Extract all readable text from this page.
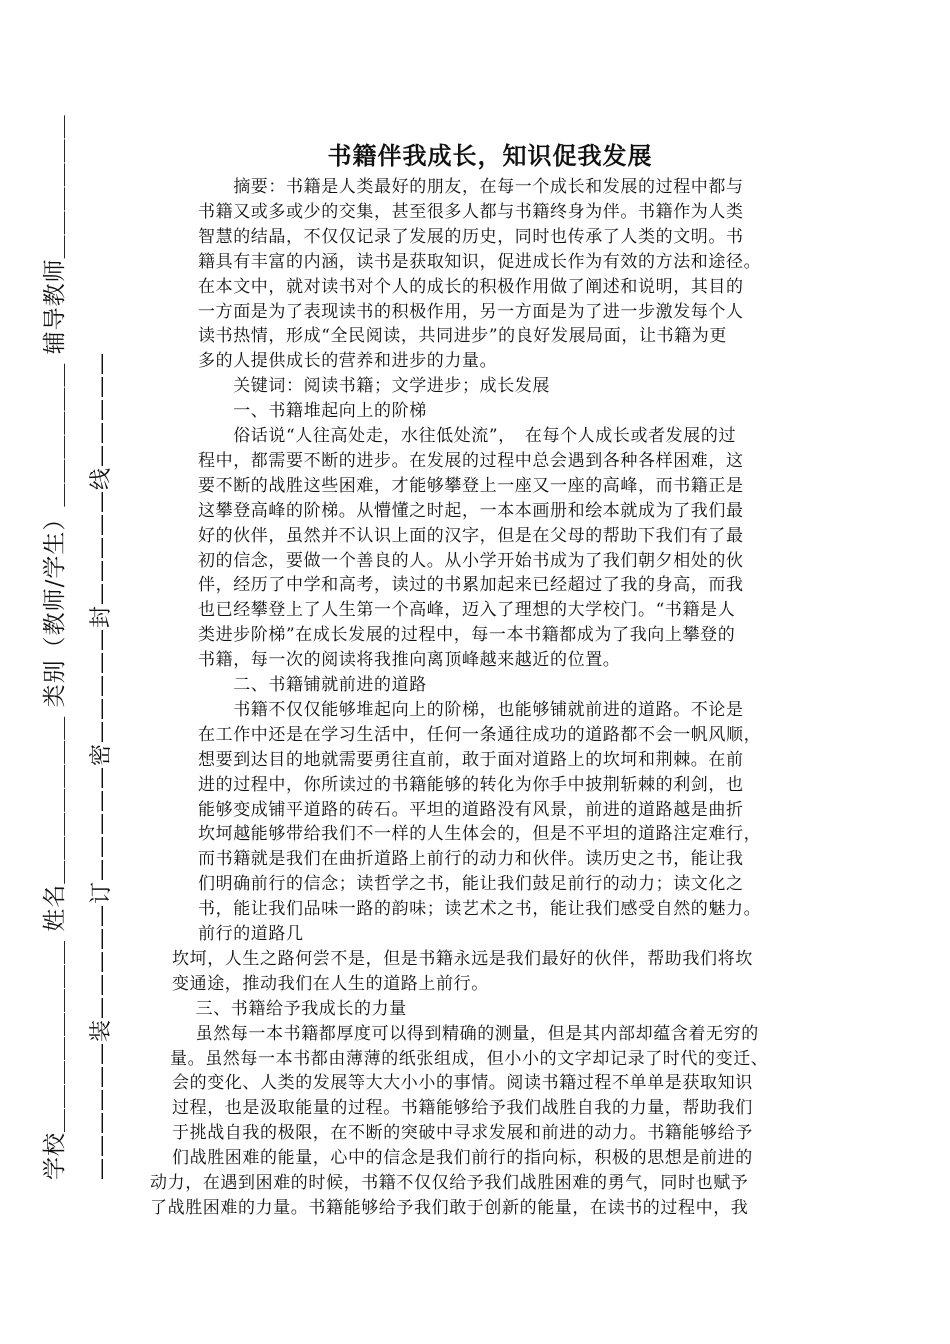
书籍伴我成长，知识促我发展
　　摘要：书籍是人类最好的朋友，在每一个成长和发展的过程中都与
书籍又或多或少的交集，甚至很多人都与书籍终身为伴。书籍作为人类
智慧的结晶，不仅仅记录了发展的历史，同时也传承了人类的文明。书
籍具有丰富的内涵，读书是获取知识，促进成长作为有效的方法和途径。
在本文中，就对读书对个人的成长的积极作用做了阐述和说明，其目的
一方面是为了表现读书的积极作用，另一方面是为了进一步激发每个人
读书热情，形成“全民阅读，共同进步”的良好发展局面，让书籍为更
多的人提供成长的营养和进步的力量。
　　关键词：阅读书籍；文学进步；成长发展
　　一、书籍堆起向上的阶梯
　　俗话说“人往高处走，水往低处流”，　在每个人成长或者发展的过
程中，都需要不断的进步。在发展的过程中总会遇到各种各样困难，这
要不断的战胜这些困难，才能够攀登上一座又一座的高峰，而书籍正是
这攀登高峰的阶梯。从懵懂之时起，一本本画册和绘本就成为了我们最
好的伙伴，虽然并不认识上面的汉字，但是在父母的帮助下我们有了最
初的信念，要做一个善良的人。从小学开始书成为了我们朝夕相处的伙
伴，经历了中学和高考，读过的书累加起来已经超过了我的身高，而我
也已经攀登上了人生第一个高峰，迈入了理想的大学校门。“书籍是人
类进步阶梯”在成长发展的过程中，每一本书籍都成为了我向上攀登的
书籍，每一次的阅读将我推向离顶峰越来越近的位置。
　　二、书籍铺就前进的道路
　　书籍不仅仅能够堆起向上的阶梯，也能够铺就前进的道路。不论是
在工作中还是在学习生活中，任何一条通往成功的道路都不会一帆风顺，
想要到达目的地就需要勇往直前，敢于面对道路上的坎坷和荆棘。在前
进的过程中，你所读过的书籍能够的转化为你手中披荆斩棘的利剑，也
能够变成铺平道路的砖石。平坦的道路没有风景，前进的道路越是曲折
坎坷越能够带给我们不一样的人生体会的，但是不平坦的道路注定难行，
而书籍就是我们在曲折道路上前行的动力和伙伴。读历史之书，能让我
们明确前行的信念；读哲学之书，能让我们鼓足前行的动力；读文化之
书，能让我们品味一路的韵味；读艺术之书，能让我们感受自然的魅力。
前行的道路几
坎坷，人生之路何尝不是，但是书籍永远是我们最好的伙伴，帮助我们将坎
变通途，推动我们在人生的道路上前行。
　三、书籍给予我成长的力量
　虽然每一本书籍都厚度可以得到精确的测量，但是其内部却蕴含着无穷的
量。虽然每一本书都由薄薄的纸张组成，但小小的文字却记录了时代的变迁、
会的变化、人类的发展等大大小小的事情。阅读书籍过程不单单是获取知识
过程，也是汲取能量的过程。书籍能够给予我们战胜自我的力量，帮助我们
于挑战自我的极限，在不断的突破中寻求发展和前进的动力。书籍能够给予
们战胜困难的能量，心中的信念是我们前行的指向标，积极的思想是前进的
动力，在遇到困难的时候，书籍不仅仅给予我们战胜困难的勇气，同时也赋予
了战胜困难的力量。书籍能够给予我们敢于创新的能量，在读书的过程中，我
学校＿＿＿＿＿＿＿＿ 姓名＿＿＿＿＿＿＿ 类别（教师/学生）＿＿＿＿＿＿ 辅导教师＿＿＿＿＿＿ ——————装—————订—————密—————封—————线—————
